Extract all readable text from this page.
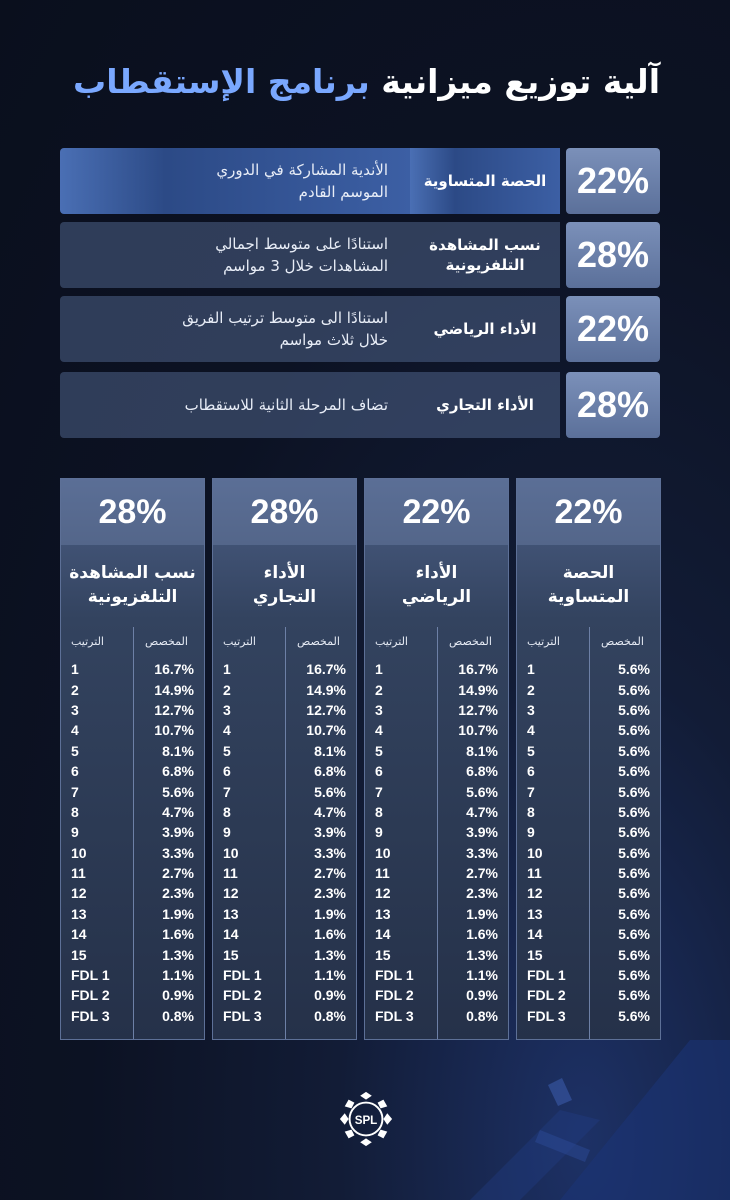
آلية توزيع ميزانية برنامج الإستقطاب
22%
الحصة المتساوية
الأندية المشاركة في الدوري
الموسم القادم
28%
نسب المشاهدة التلفزيونية
استنادًا على متوسط اجمالي
المشاهدات خلال 3 مواسم
22%
الأداء الرياضي
استنادًا الى متوسط ترتيب الفريق
خلال ثلاث مواسم
28%
الأداء التجاري
تضاف المرحلة الثانية للاستقطاب
28%
نسب المشاهدة
التلفزيونية
الترتيب	المخصص
1	16.7%
2	14.9%
3	12.7%
4	10.7%
5	8.1%
6	6.8%
7	5.6%
8	4.7%
9	3.9%
10	3.3%
11	2.7%
12	2.3%
13	1.9%
14	1.6%
15	1.3%
FDL 1	1.1%
FDL 2	0.9%
FDL 3	0.8%
28%
الأداء
التجاري
الترتيب	المخصص
1	16.7%
2	14.9%
3	12.7%
4	10.7%
5	8.1%
6	6.8%
7	5.6%
8	4.7%
9	3.9%
10	3.3%
11	2.7%
12	2.3%
13	1.9%
14	1.6%
15	1.3%
FDL 1	1.1%
FDL 2	0.9%
FDL 3	0.8%
22%
الأداء
الرياضي
الترتيب	المخصص
1	16.7%
2	14.9%
3	12.7%
4	10.7%
5	8.1%
6	6.8%
7	5.6%
8	4.7%
9	3.9%
10	3.3%
11	2.7%
12	2.3%
13	1.9%
14	1.6%
15	1.3%
FDL 1	1.1%
FDL 2	0.9%
FDL 3	0.8%
22%
الحصة
المتساوية
الترتيب	المخصص
1	5.6%
2	5.6%
3	5.6%
4	5.6%
5	5.6%
6	5.6%
7	5.6%
8	5.6%
9	5.6%
10	5.6%
11	5.6%
12	5.6%
13	5.6%
14	5.6%
15	5.6%
FDL 1	5.6%
FDL 2	5.6%
FDL 3	5.6%
SPL
